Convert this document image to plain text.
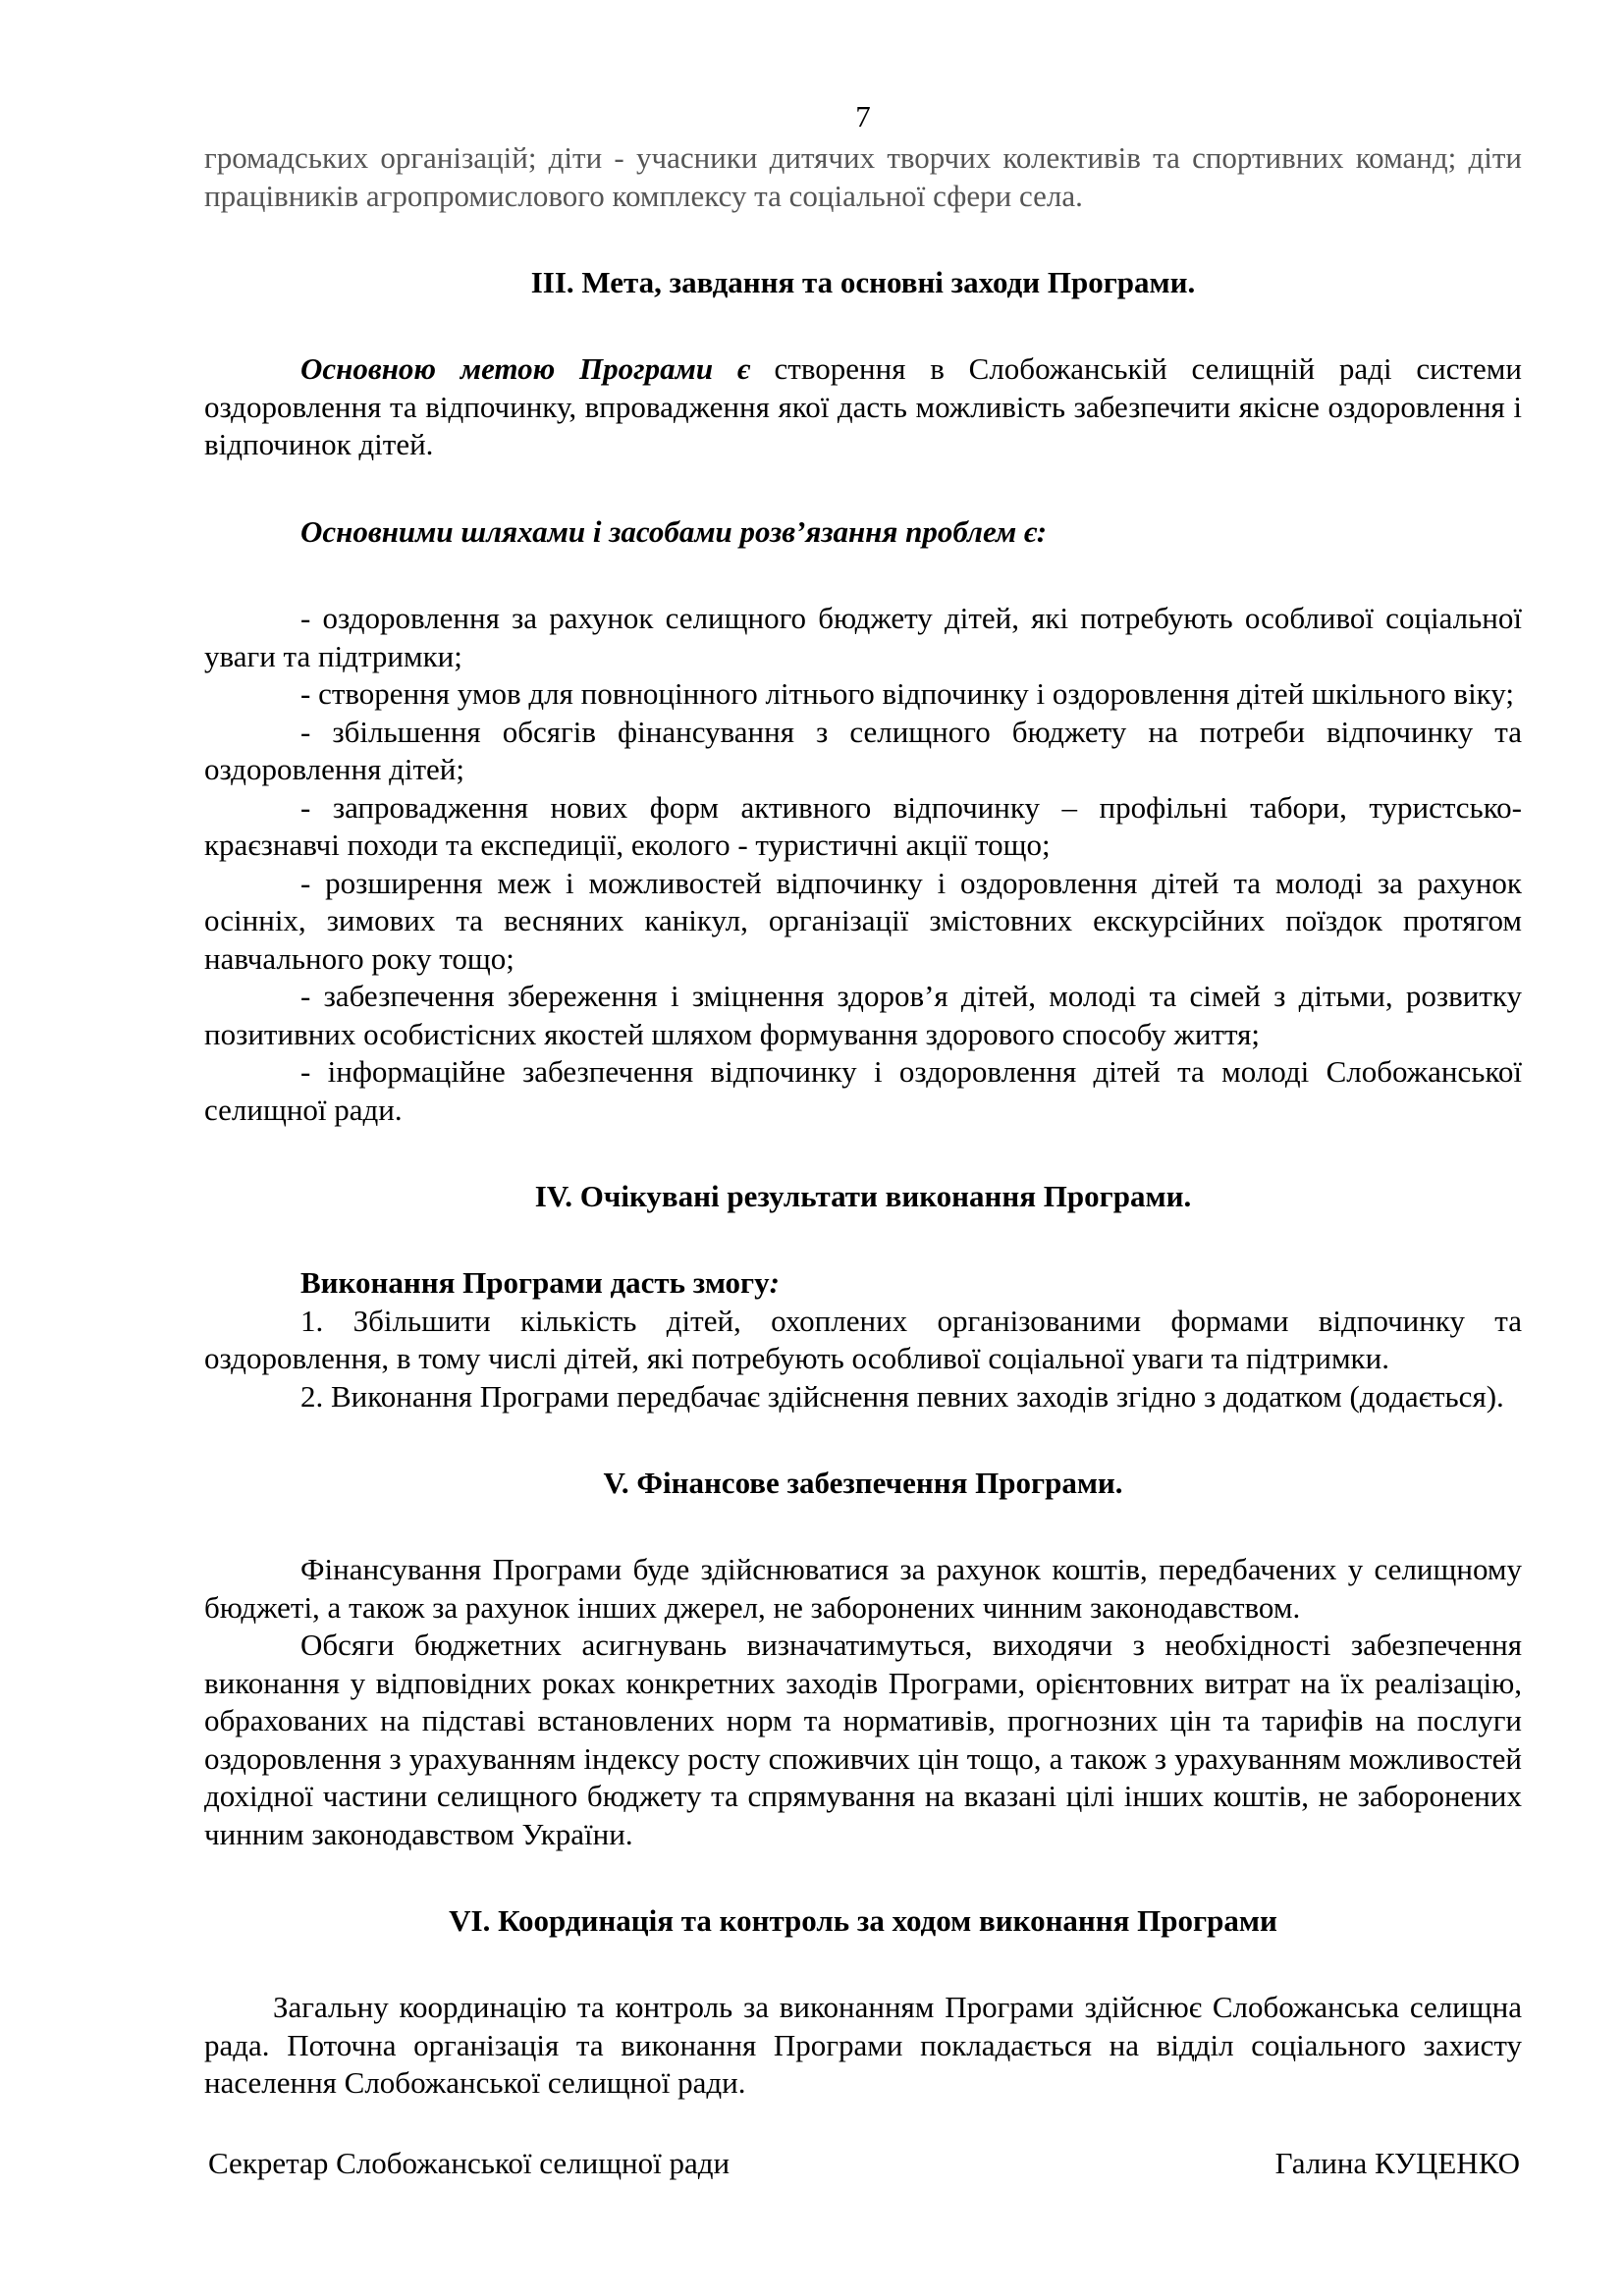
7

громадських організацій; діти - учасники дитячих творчих колективів та спортивних команд; діти працівників агропромислового комплексу та соціальної сфери села.

ІІІ. Мета, завдання та основні заходи Програми.

Основною метою Програми є створення в Слобожанській селищній раді системи оздоровлення та відпочинку, впровадження якої дасть можливість забезпечити якісне оздоровлення і відпочинок дітей.

Основними шляхами і засобами розв’язання проблем є:

- оздоровлення за рахунок селищного бюджету дітей, які потребують особливої соціальної уваги та підтримки;

- створення умов для повноцінного літнього відпочинку і оздоровлення дітей шкільного віку;

- збільшення обсягів фінансування з селищного бюджету на потреби відпочинку та оздоровлення дітей;

- запровадження нових форм активного відпочинку – профільні табори, туристсько-краєзнавчі походи та експедиції, еколого - туристичні акції тощо;

- розширення меж і можливостей відпочинку і оздоровлення дітей та молоді за рахунок осінніх, зимових та весняних канікул, організації змістовних екскурсійних поїздок протягом навчального року тощо;

- забезпечення збереження і зміцнення здоров’я дітей, молоді та сімей з дітьми, розвитку позитивних особистісних якостей шляхом формування здорового способу життя;

- інформаційне забезпечення відпочинку і оздоровлення дітей та молоді Слобожанської селищної ради.

IV. Очікувані результати виконання Програми.

Виконання Програми дасть змогу:

1. Збільшити кількість дітей, охоплених організованими формами відпочинку та оздоровлення, в тому числі дітей, які потребують особливої соціальної уваги та підтримки.

2. Виконання Програми передбачає здійснення певних заходів згідно з додатком (додається).

V. Фінансове забезпечення Програми.

Фінансування Програми буде здійснюватися за рахунок коштів, передбачених у селищному бюджеті, а також за рахунок інших джерел, не заборонених чинним законодавством.

Обсяги бюджетних асигнувань визначатимуться, виходячи з необхідності забезпечення виконання у відповідних роках конкретних заходів Програми, орієнтовних витрат на їх реалізацію, обрахованих на підставі встановлених норм та нормативів, прогнозних цін та тарифів на послуги оздоровлення з урахуванням індексу росту споживчих цін тощо, а також з урахуванням можливостей дохідної частини селищного бюджету та спрямування на вказані цілі інших коштів, не заборонених чинним законодавством України.

VI. Координація та контроль за ходом виконання Програми

Загальну координацію та контроль за виконанням Програми здійснює Слобожанська селищна рада. Поточна організація та виконання Програми покладається на відділ соціального захисту населення Слобожанської селищної ради.

Секретар Слобожанської селищної ради	Галина КУЦЕНКО
